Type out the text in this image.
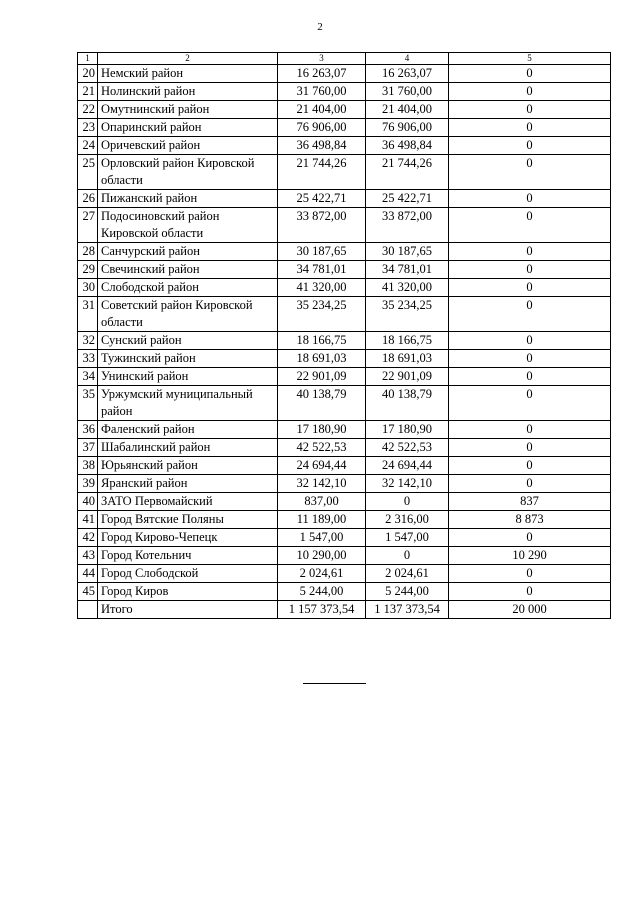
2
1	2	3	4	5
20	Немский район	16 263,07	16 263,07	0
21	Нолинский район	31 760,00	31 760,00	0
22	Омутнинский район	21 404,00	21 404,00	0
23	Опаринский район	76 906,00	76 906,00	0
24	Оричевский район	36 498,84	36 498,84	0
25	Орловский район Кировской области	21 744,26	21 744,26	0
26	Пижанский район	25 422,71	25 422,71	0
27	Подосиновский район Кировской области	33 872,00	33 872,00	0
28	Санчурский район	30 187,65	30 187,65	0
29	Свечинский район	34 781,01	34 781,01	0
30	Слободской район	41 320,00	41 320,00	0
31	Советский район Кировской области	35 234,25	35 234,25	0
32	Сунский район	18 166,75	18 166,75	0
33	Тужинский район	18 691,03	18 691,03	0
34	Унинский район	22 901,09	22 901,09	0
35	Уржумский муниципальный район	40 138,79	40 138,79	0
36	Фаленский район	17 180,90	17 180,90	0
37	Шабалинский район	42 522,53	42 522,53	0
38	Юрьянский район	24 694,44	24 694,44	0
39	Яранский район	32 142,10	32 142,10	0
40	ЗАТО Первомайский	837,00	0	837
41	Город Вятские Поляны	11 189,00	2 316,00	8 873
42	Город Кирово-Чепецк	1 547,00	1 547,00	0
43	Город Котельнич	10 290,00	0	10 290
44	Город Слободской	2 024,61	2 024,61	0
45	Город Киров	5 244,00	5 244,00	0
	Итого	1 157 373,54	1 137 373,54	20 000
